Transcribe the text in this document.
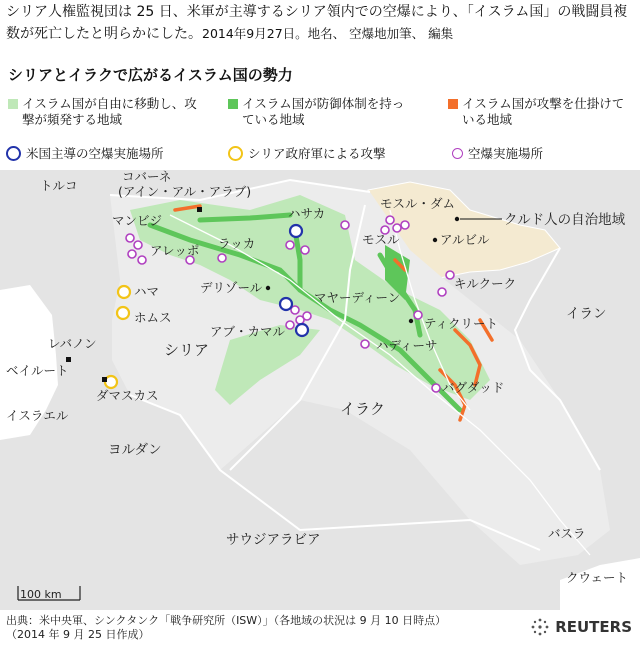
シリア人権監視団は 25 日、米軍が主導するシリア領内での空爆により、「イスラム国」の戦闘員複数が死亡したと明らかにした。2014年9月27日。地名、 空爆地加筆、 編集
シリアとイラクで広がるイスラム国の勢力
イスラム国が自由に移動し、攻撃が頻発する地域
イスラム国が防御体制を持っている地域
イスラム国が攻撃を仕掛けている地域
米国主導の空爆実施場所	シリア政府軍による攻撃	空爆実施場所
トルコ
コバーネ
(アイン・アル・アラブ)
マンビジ
アレッポ ラッカ
ハサカ
モスル・ダム
モスル	アルビル
キルクーク
クルド人の自治地域
ハマ
ホムス
デリゾール
マヤーディーン
アブ・カマル
ティクリート
レバノン
ベイルート
シリア	ハディーサ
イラン
ダマスカス
バグダッド
イスラエル	イラク
ヨルダン
サウジアラビア	バスラ
クウェート
100 km
出典：米中央軍、シンクタンク「戦争研究所（ISW）」（各地域の状況は 9 月 10 日時点）
（2014 年 9 月 25 日作成）	REUTERS
